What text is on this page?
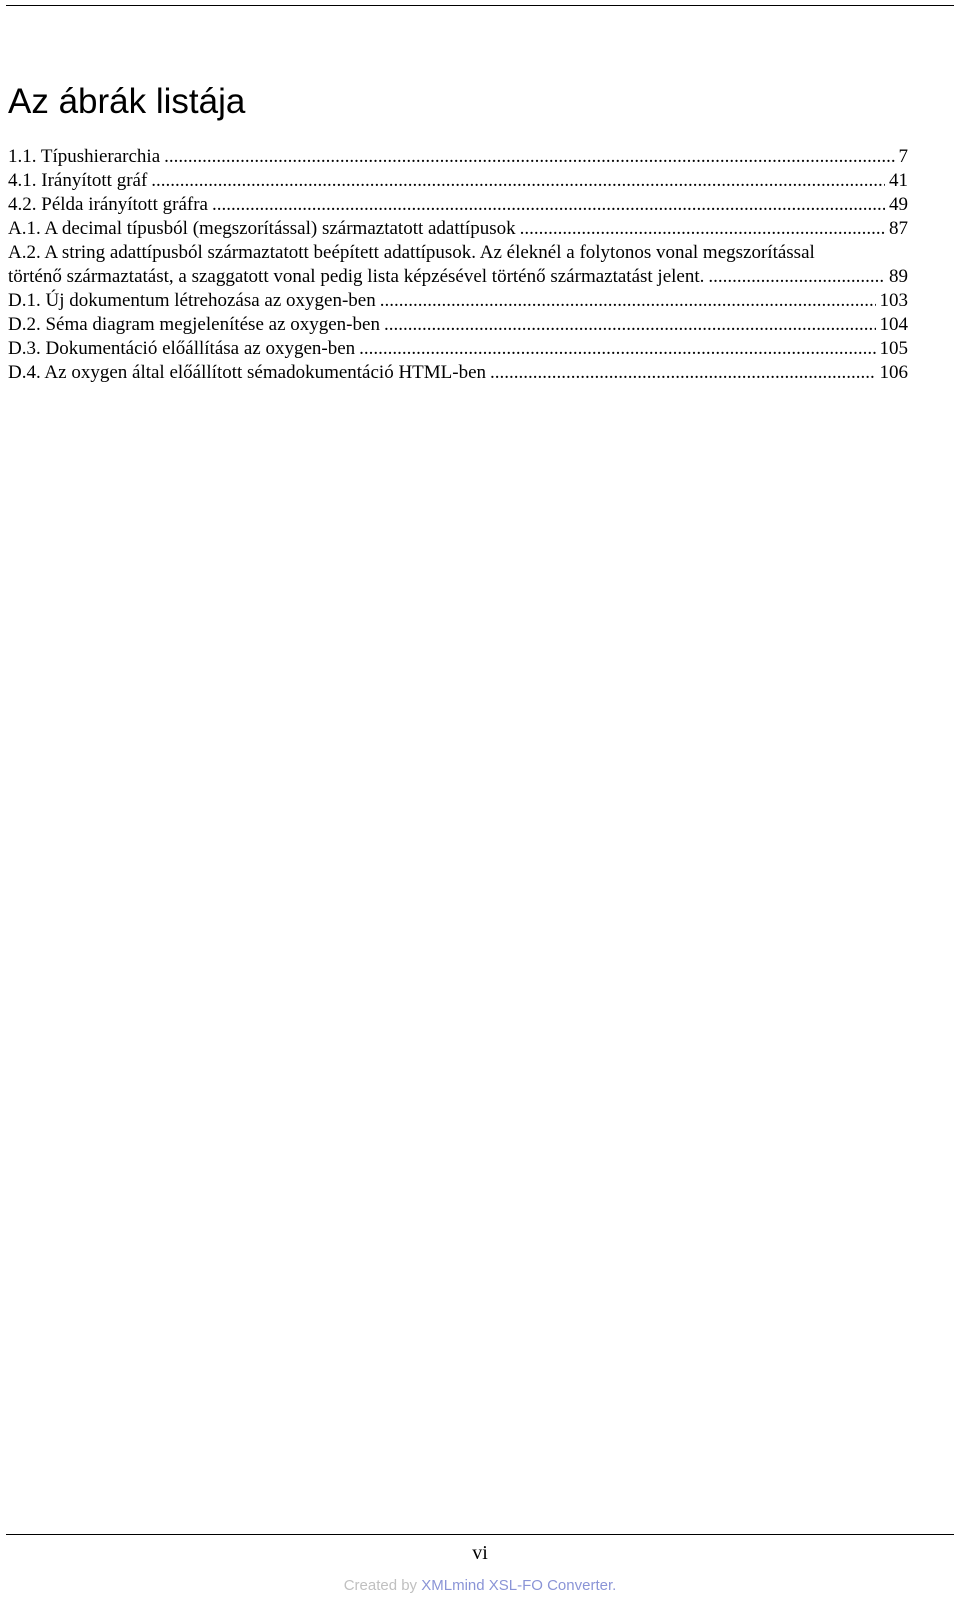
Az ábrák listája
1.1. Típushierarchia .....	7
4.1. Irányított gráf .....	41
4.2. Példa irányított gráfra .....	49
A.1. A decimal típusból (megszorítással) származtatott adattípusok .....	87
A.2. A string adattípusból származtatott beépített adattípusok. Az éleknél a folytonos vonal megszorítással
történő származtatást, a szaggatott vonal pedig lista képzésével történő származtatást jelent. .....	89
D.1. Új dokumentum létrehozása az oxygen-ben .....	103
D.2. Séma diagram megjelenítése az oxygen-ben .....	104
D.3. Dokumentáció előállítása az oxygen-ben .....	105
D.4. Az oxygen által előállított sémadokumentáció HTML-ben .....	106
vi
Created by XMLmind XSL-FO Converter.
